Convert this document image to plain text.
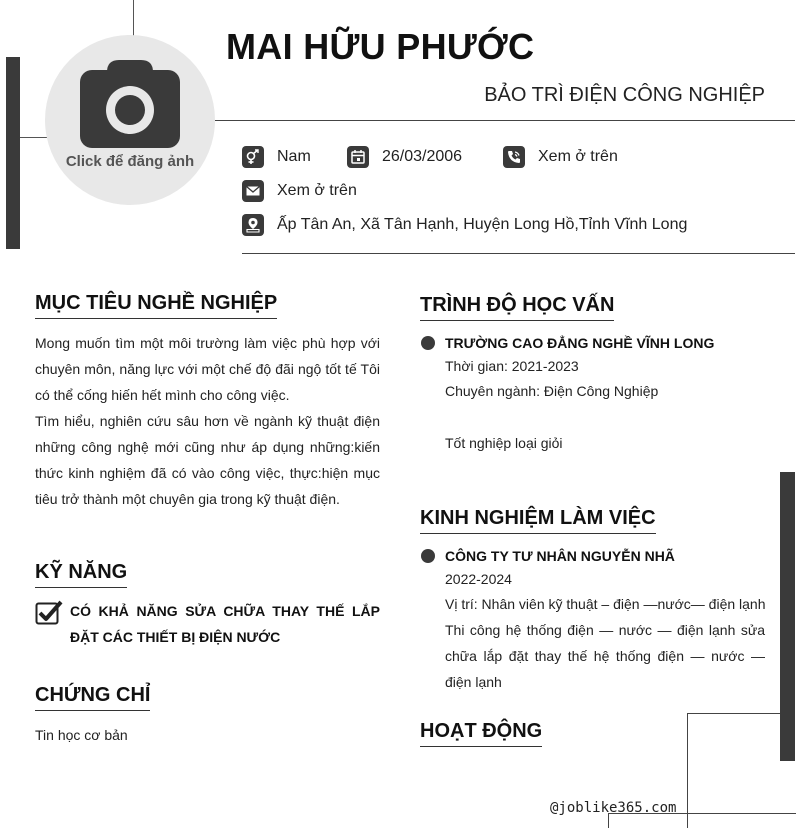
Click để đăng ảnh
MAI HỮU PHƯỚC
BẢO TRÌ ĐIỆN CÔNG NGHIỆP
Nam	26/03/2006	Xem ở trên
Xem ở trên
Ấp Tân An, Xã Tân Hạnh, Huyện Long Hồ,Tỉnh Vĩnh Long
MỤC TIÊU NGHỀ NGHIỆP
Mong muốn tìm một môi trường làm việc phù hợp với chuyên môn, năng lực với một chế độ đãi ngộ tốt tế Tôi có thể cống hiến hết mình cho công việc.
Tìm hiểu, nghiên cứu sâu hơn về ngành kỹ thuật điện những công nghệ mới cũng như áp dụng những:kiến thức kinh nghiệm đã có vào công việc, thực:hiện mục tiêu trở thành một chuyên gia trong kỹ thuật điện.
KỸ NĂNG
CÓ KHẢ NĂNG SỬA CHỮA THAY THẾ LẮP ĐẶT CÁC THIẾT BỊ ĐIỆN NƯỚC
CHỨNG CHỈ
Tin học cơ bản
TRÌNH ĐỘ HỌC VẤN
TRƯỜNG CAO ĐẲNG NGHỀ VĨNH LONG
Thời gian: 2021-2023
Chuyên ngành: Điện Công Nghiệp
Tốt nghiệp loại giỏi
KINH NGHIỆM LÀM VIỆC
CÔNG TY TƯ NHÂN NGUYỄN NHÃ
2022-2024
Vị trí: Nhân viên kỹ thuật – điện —nước— điện lạnh
Thi công hệ thống điện — nước — điện lạnh sửa chữa lắp đặt thay thế hệ thống điện — nước — điện lạnh
HOẠT ĐỘNG
@joblike365.com
